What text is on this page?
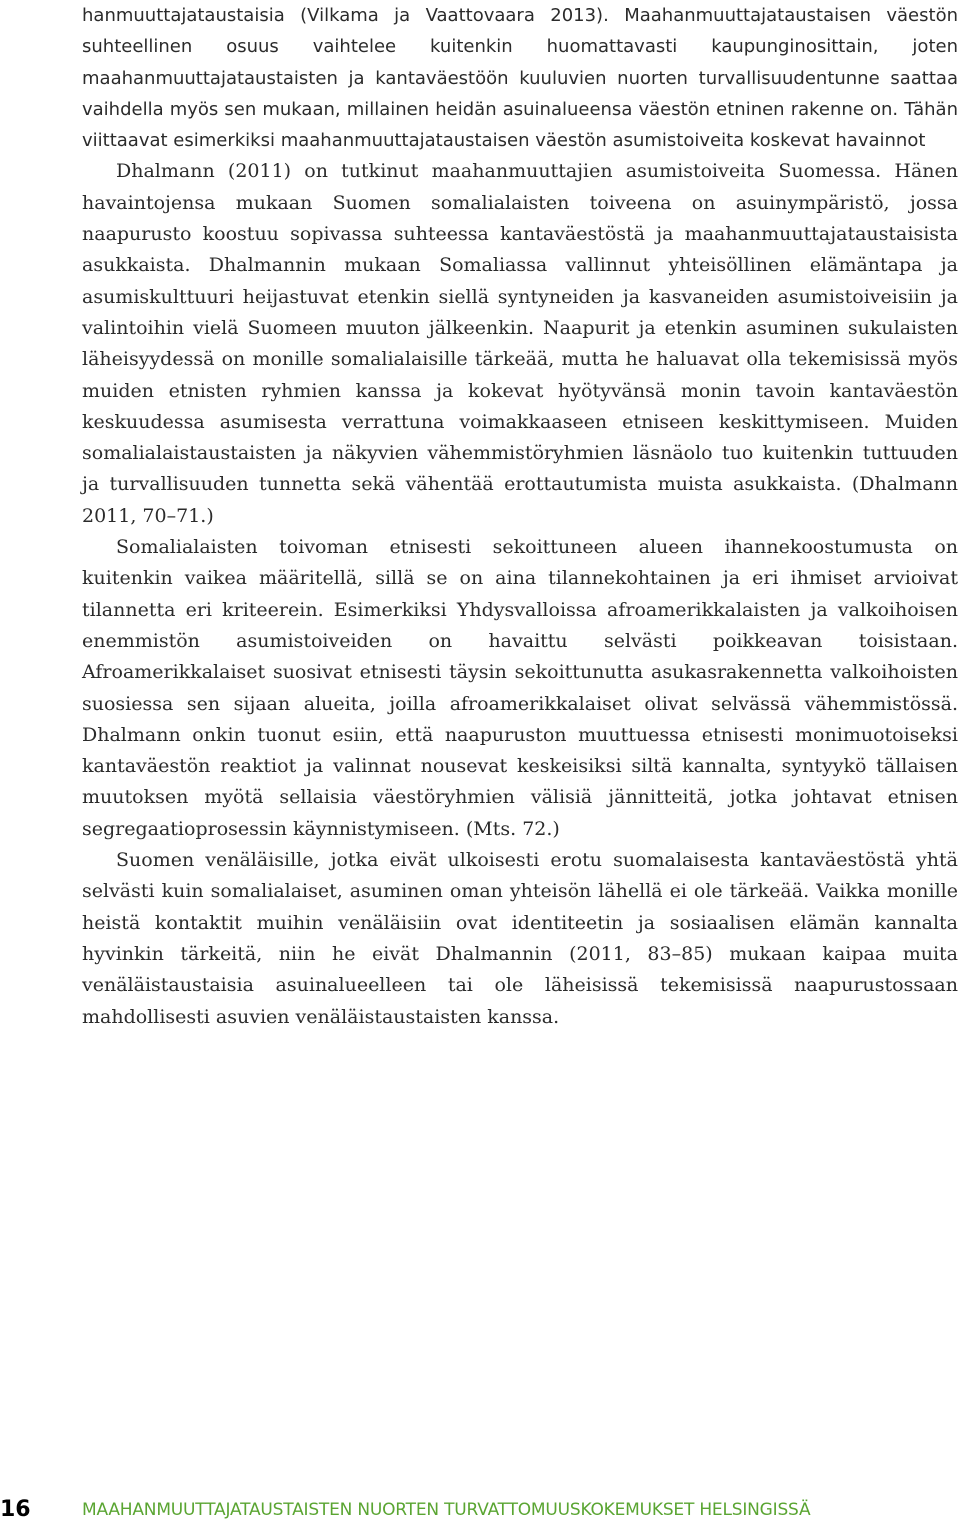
hanmuuttajataustaisia (Vilkama ja Vaattovaara 2013). Maahanmuuttajataustaisen väestön suhteellinen osuus vaihtelee kuitenkin huomattavasti kaupunginosittain, joten maahanmuuttajataustaisten ja kantaväestöön kuuluvien nuorten turvallisuudentunne saattaa vaihdella myös sen mukaan, millainen heidän asuinalueensa väestön etninen rakenne on. Tähän viittaavat esimerkiksi maahanmuuttajataustaisen väestön asumistoiveita koskevat havainnot

Dhalmann (2011) on tutkinut maahanmuuttajien asumistoiveita Suomessa. Hänen havaintojensa mukaan Suomen somalialaisten toiveena on asuinympäristö, jossa naapurusto koostuu sopivassa suhteessa kantaväestöstä ja maahanmuuttajataustaisista asukkaista. Dhalmannin mukaan Somaliassa vallinnut yhteisöllinen elämäntapa ja asumiskulttuuri heijastuvat etenkin siellä syntyneiden ja kasvaneiden asumistoiveisiin ja valintoihin vielä Suomeen muuton jälkeenkin. Naapurit ja etenkin asuminen sukulaisten läheisyydessä on monille somalialaisille tärkeää, mutta he haluavat olla tekemisissä myös muiden etnisten ryhmien kanssa ja kokevat hyötyvänsä monin tavoin kantaväestön keskuudessa asumisesta verrattuna voimakkaaseen etniseen keskittymiseen. Muiden somalialaistaustaisten ja näkyvien vähemmistöryhmien läsnäolo tuo kuitenkin tuttuuden ja turvallisuuden tunnetta sekä vähentää erottautumista muista asukkaista. (Dhalmann 2011, 70–71.)

Somalialaisten toivoman etnisesti sekoittuneen alueen ihannekoostumusta on kuitenkin vaikea määritellä, sillä se on aina tilannekohtainen ja eri ihmiset arvioivat tilannetta eri kriteerein. Esimerkiksi Yhdysvalloissa afroamerikkalaisten ja valkoihoisen enemmistön asumistoiveiden on havaittu selvästi poikkeavan toisistaan. Afroamerikkalaiset suosivat etnisesti täysin sekoittunutta asukasrakennetta valkoihoisten suosiessa sen sijaan alueita, joilla afroamerikkalaiset olivat selvässä vähemmistössä. Dhalmann onkin tuonut esiin, että naapuruston muuttuessa etnisesti monimuotoiseksi kantaväestön reaktiot ja valinnat nousevat keskeisiksi siltä kannalta, syntyykö tällaisen muutoksen myötä sellaisia väestöryhmien välisiä jännitteitä, jotka johtavat etnisen segregaatioprosessin käynnistymiseen. (Mts. 72.)

Suomen venäläisille, jotka eivät ulkoisesti erotu suomalaisesta kantaväestöstä yhtä selvästi kuin somalialaiset, asuminen oman yhteisön lähellä ei ole tärkeää. Vaikka monille heistä kontaktit muihin venäläisiin ovat identiteetin ja sosiaalisen elämän kannalta hyvinkin tärkeitä, niin he eivät Dhalmannin (2011, 83–85) mukaan kaipaa muita venäläistaustaisia asuinalueelleen tai ole läheisissä tekemisissä naapurustossaan mahdollisesti asuvien venäläistaustaisten kanssa.

16	MAAHANMUUTTAJATAUSTAISTEN NUORTEN TURVATTOMUUSKOKEMUKSET HELSINGISSÄ
